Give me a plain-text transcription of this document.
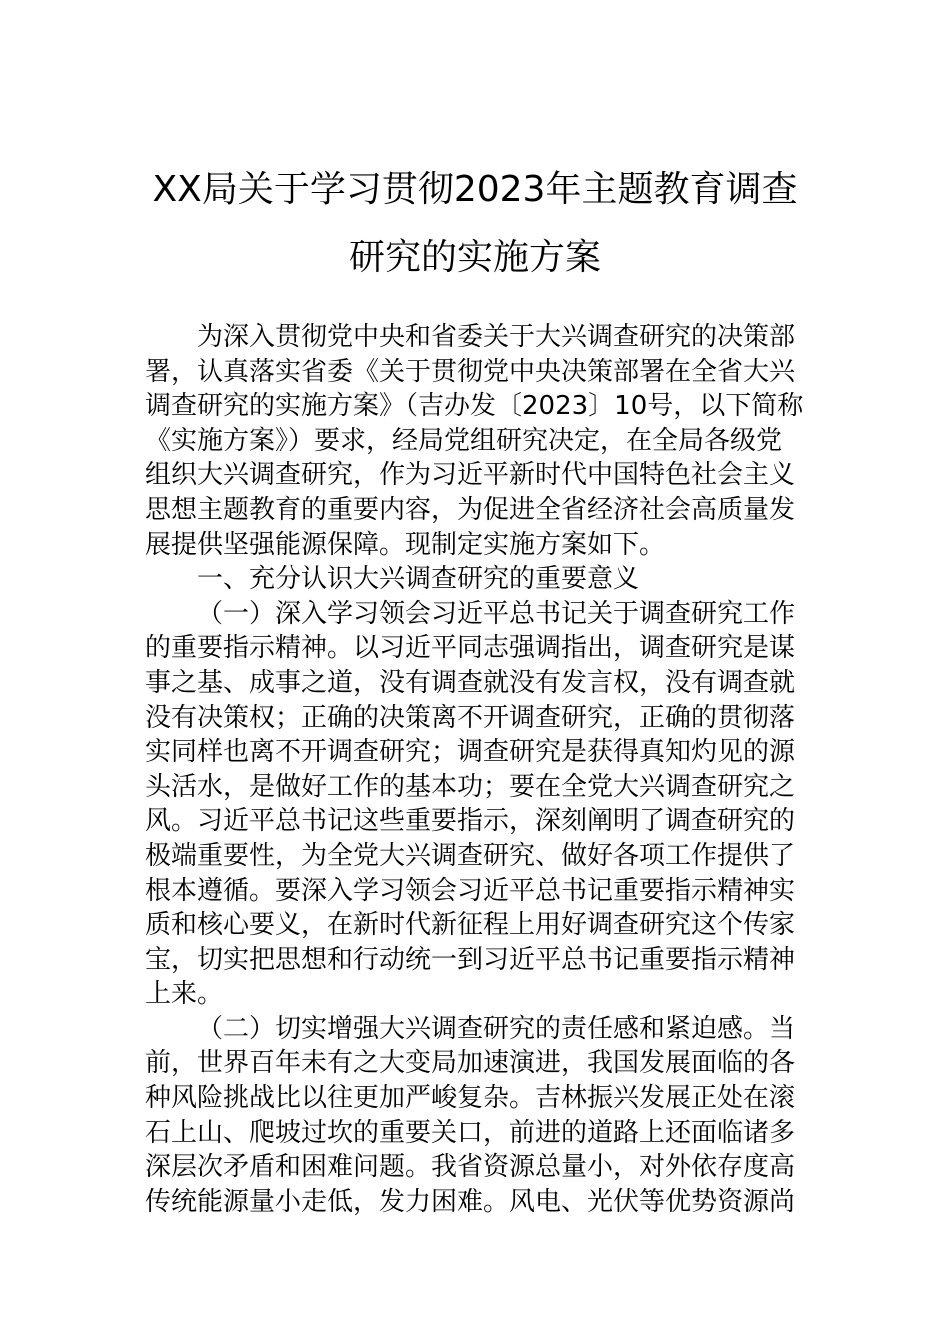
XX局关于学习贯彻2023年主题教育调查
研究的实施方案
为深入贯彻党中央和省委关于大兴调查研究的决策部
署，认真落实省委《关于贯彻党中央决策部署在全省大兴
调查研究的实施方案》（吉办发〔2023〕10号，以下简称
《实施方案》）要求，经局党组研究决定，在全局各级党
组织大兴调查研究，作为习近平新时代中国特色社会主义
思想主题教育的重要内容，为促进全省经济社会高质量发
展提供坚强能源保障。现制定实施方案如下。
一、充分认识大兴调查研究的重要意义
（一）深入学习领会习近平总书记关于调查研究工作
的重要指示精神。以习近平同志强调指出，调查研究是谋
事之基、成事之道，没有调查就没有发言权，没有调查就
没有决策权；正确的决策离不开调查研究，正确的贯彻落
实同样也离不开调查研究；调查研究是获得真知灼见的源
头活水，是做好工作的基本功；要在全党大兴调查研究之
风。习近平总书记这些重要指示，深刻阐明了调查研究的
极端重要性，为全党大兴调查研究、做好各项工作提供了
根本遵循。要深入学习领会习近平总书记重要指示精神实
质和核心要义，在新时代新征程上用好调查研究这个传家
宝，切实把思想和行动统一到习近平总书记重要指示精神
上来。
（二）切实增强大兴调查研究的责任感和紧迫感。当
前，世界百年未有之大变局加速演进，我国发展面临的各
种风险挑战比以往更加严峻复杂。吉林振兴发展正处在滚
石上山、爬坡过坎的重要关口，前进的道路上还面临诸多
深层次矛盾和困难问题。我省资源总量小，对外依存度高
传统能源量小走低，发力困难。风电、光伏等优势资源尚
